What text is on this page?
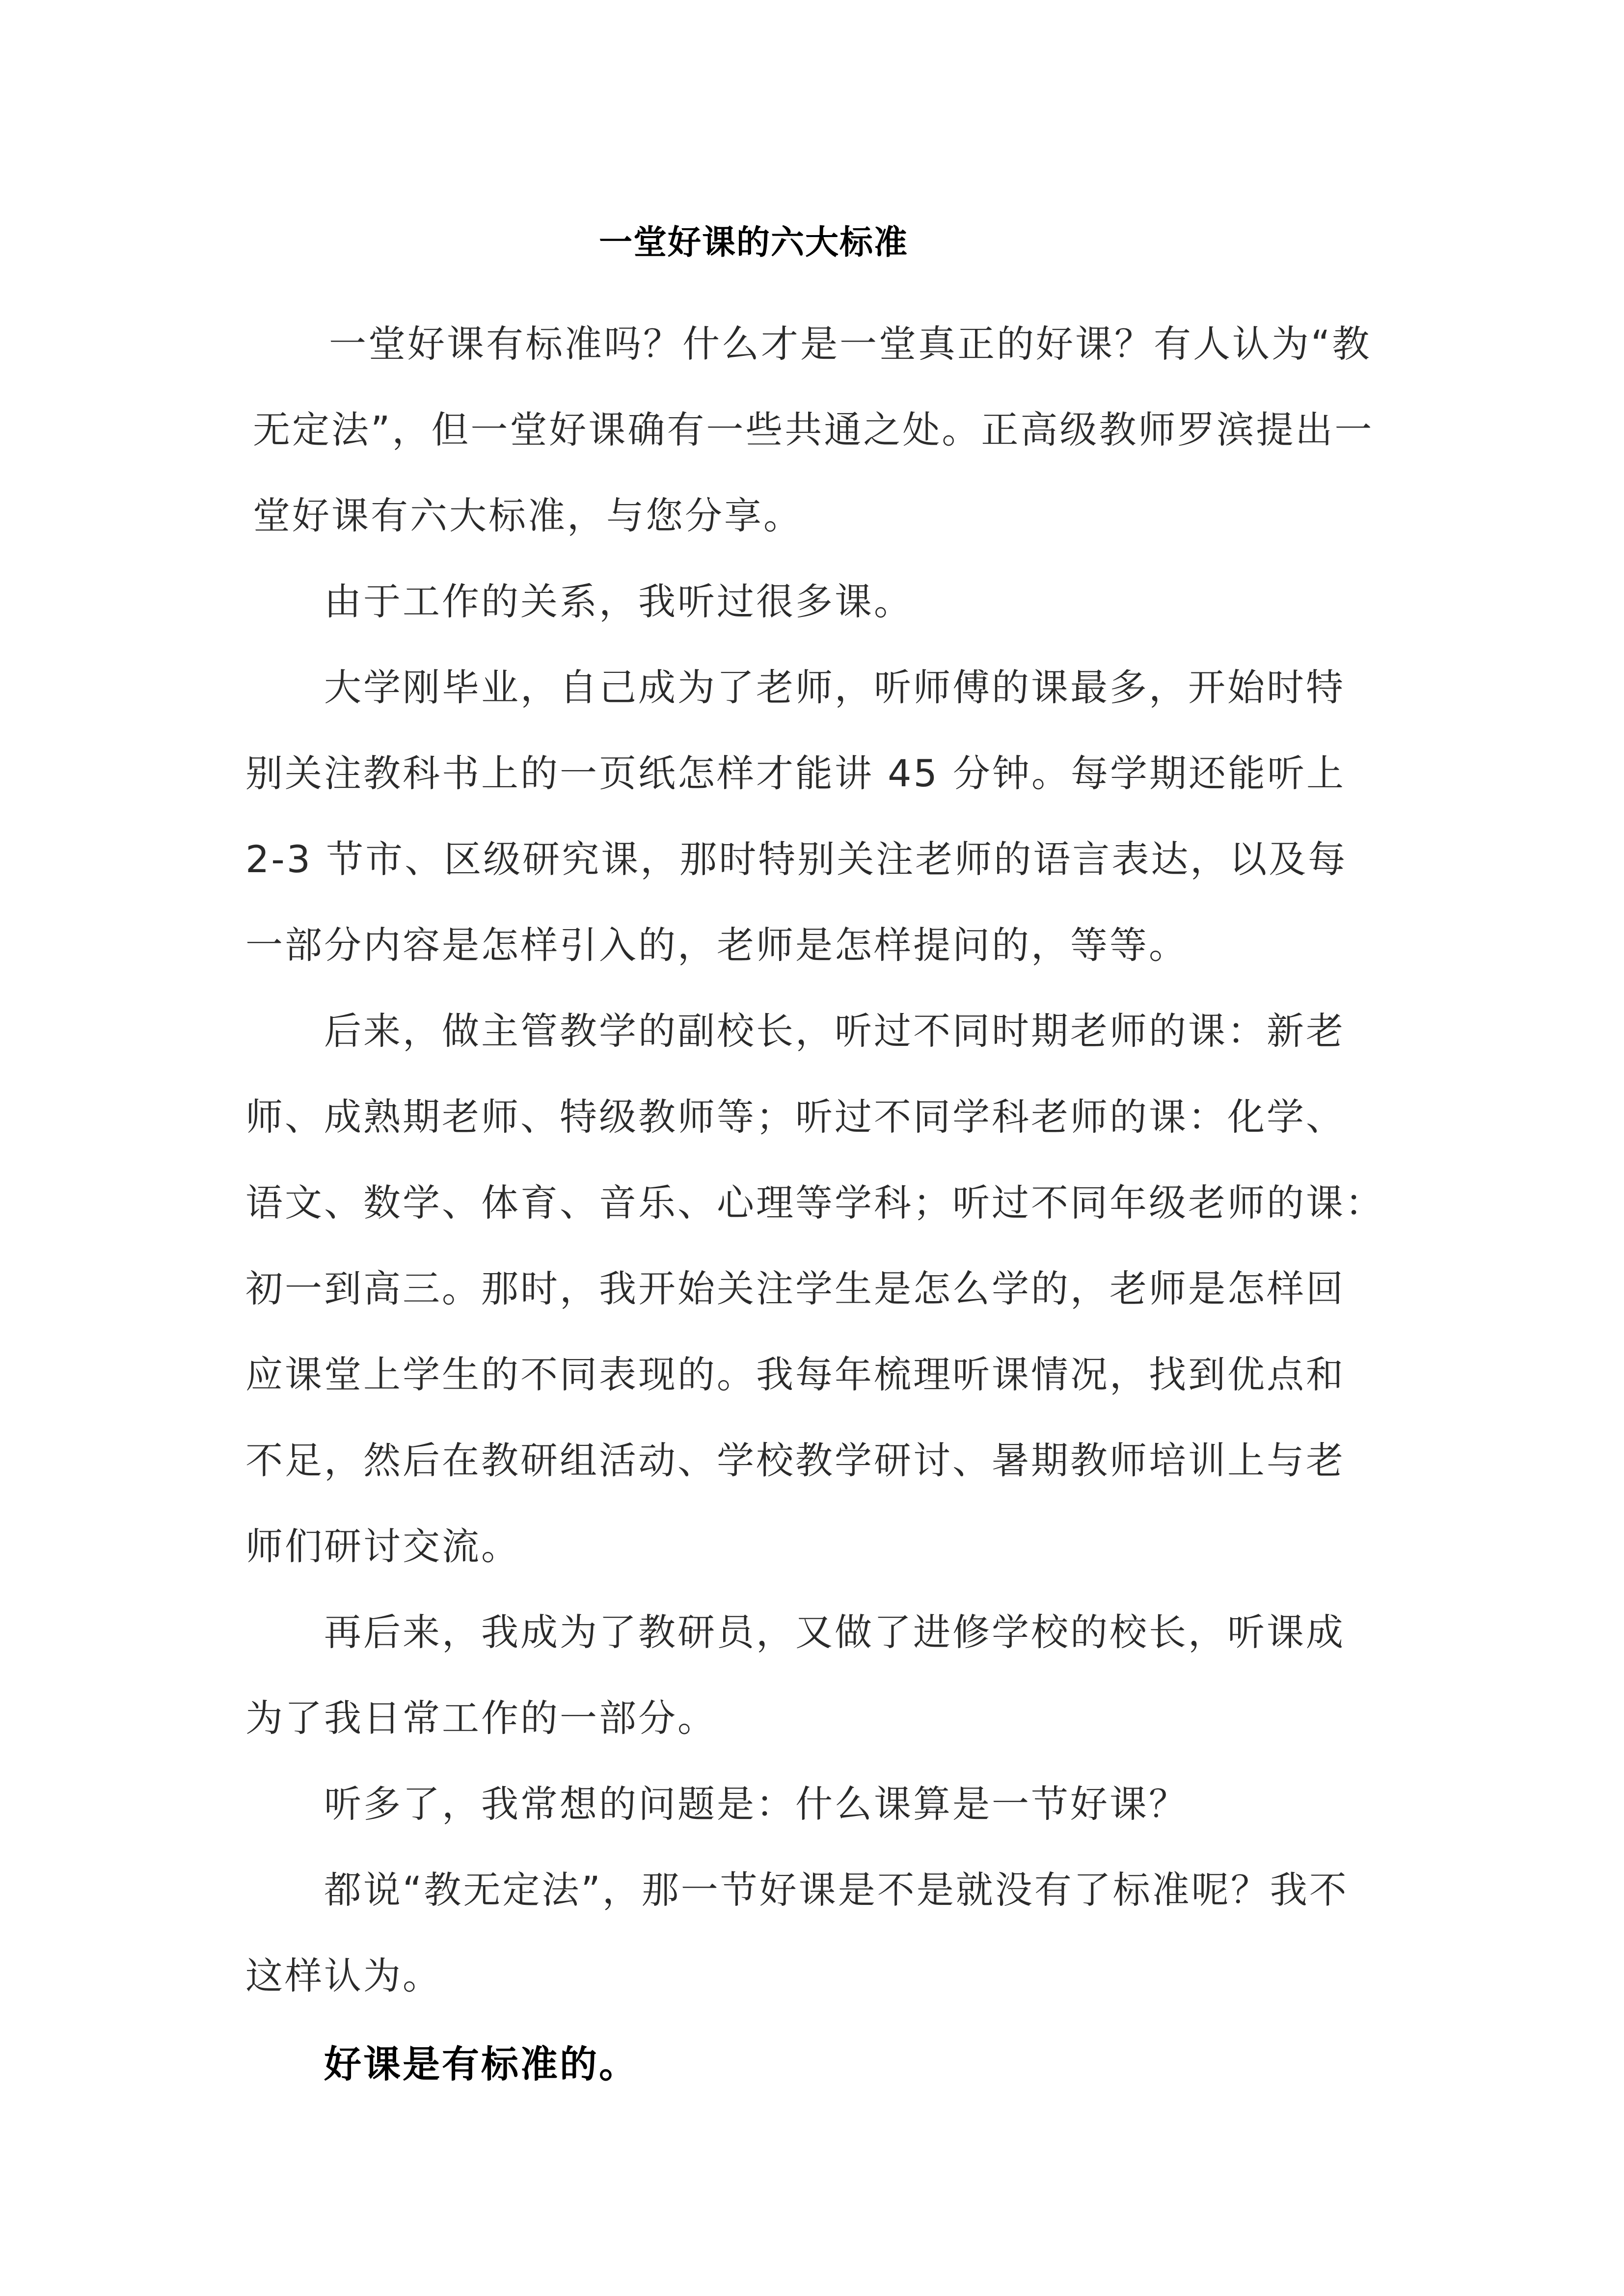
一堂好课的六大标准
一堂好课有标准吗？什么才是一堂真正的好课？有人认为“教
无定法”，但一堂好课确有一些共通之处。正高级教师罗滨提出一
堂好课有六大标准，与您分享。
由于工作的关系，我听过很多课。
大学刚毕业，自己成为了老师，听师傅的课最多，开始时特
别关注教科书上的一页纸怎样才能讲 45 分钟。每学期还能听上
2-3 节市、区级研究课，那时特别关注老师的语言表达，以及每
一部分内容是怎样引入的，老师是怎样提问的，等等。
后来，做主管教学的副校长，听过不同时期老师的课：新老
师、成熟期老师、特级教师等；听过不同学科老师的课：化学、
语文、数学、体育、音乐、心理等学科；听过不同年级老师的课：
初一到高三。那时，我开始关注学生是怎么学的，老师是怎样回
应课堂上学生的不同表现的。我每年梳理听课情况，找到优点和
不足，然后在教研组活动、学校教学研讨、暑期教师培训上与老
师们研讨交流。
再后来，我成为了教研员，又做了进修学校的校长，听课成
为了我日常工作的一部分。
听多了，我常想的问题是：什么课算是一节好课？
都说“教无定法”，那一节好课是不是就没有了标准呢？我不
这样认为。
好课是有标准的。
